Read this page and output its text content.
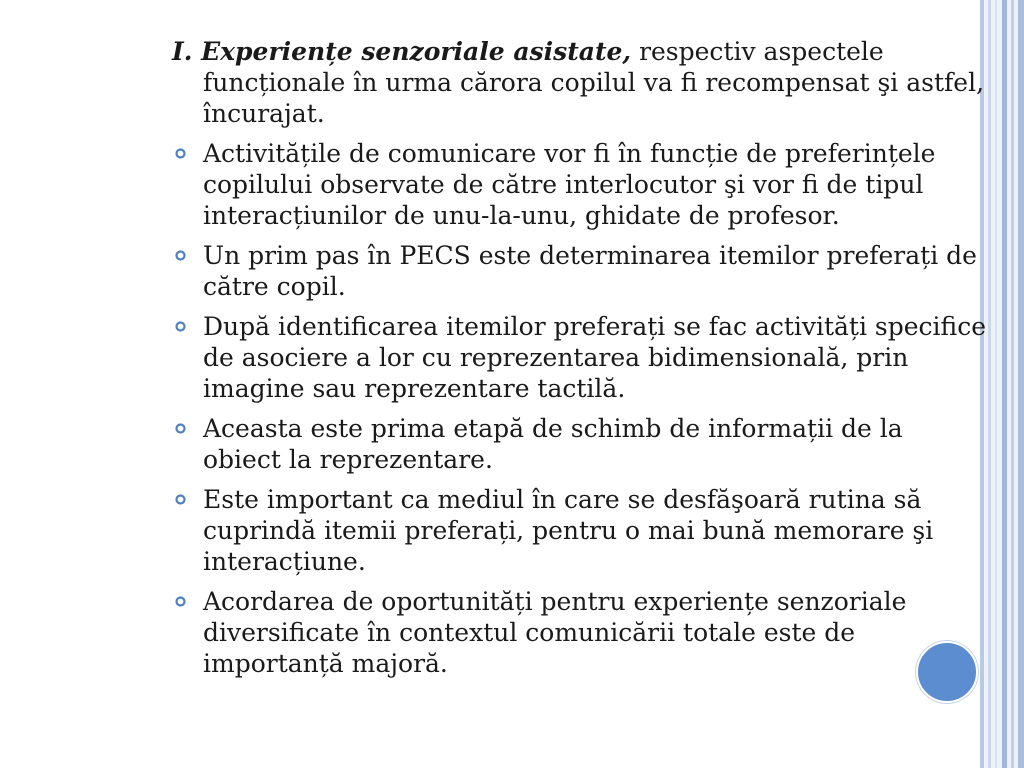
I. Experiențe senzoriale asistate, respectiv aspectele funcționale în urma cărora copilul va fi recompensat şi astfel, încurajat.
Activitățile de comunicare vor fi în funcție de preferințele copilului observate de către interlocutor şi vor fi de tipul interacțiunilor de unu-la-unu, ghidate de profesor.
Un prim pas în PECS este determinarea itemilor preferați de către copil.
După identificarea itemilor preferați se fac activități specifice de asociere a lor cu reprezentarea bidimensională, prin imagine sau reprezentare tactilă.
Aceasta este prima etapă de schimb de informații de la obiect la reprezentare.
Este important ca mediul în care se desfăşoară rutina să cuprindă itemii preferați, pentru o mai bună memorare şi interacțiune.
Acordarea de oportunități pentru experiențe senzoriale diversificate în contextul comunicării totale este de importanță majoră.
